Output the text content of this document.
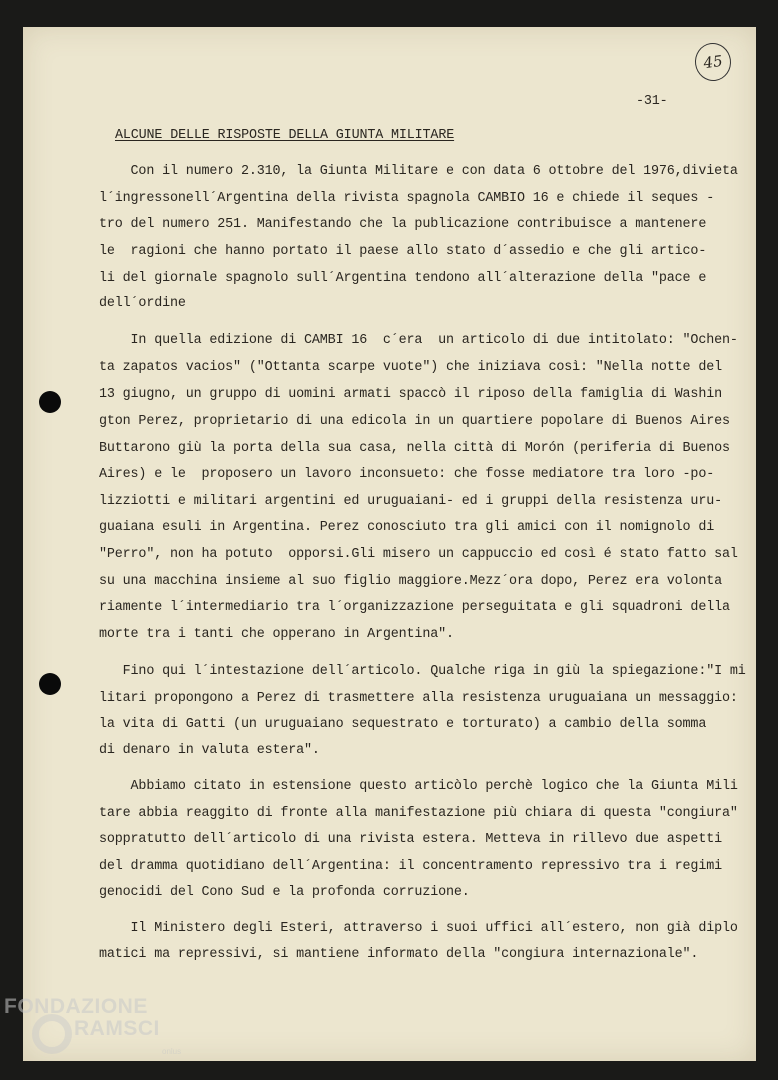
45
-31-
ALCUNE DELLE RISPOSTE DELLA GIUNTA MILITARE
Con il numero 2.310, la Giunta Militare e con data 6 ottobre del 1976,divieta
l´ingressonell´Argentina della rivista spagnola CAMBIO 16 e chiede il seques -
tro del numero 251. Manifestando che la publicazione contribuisce a mantenere
le  ragioni che hanno portato il paese allo stato d´assedio e che gli artico-
li del giornale spagnolo sull´Argentina tendono all´alterazione della "pace e
dell´ordine
In quella edizione di CAMBI 16  c´era  un articolo di due intitolato: "Ochen-
ta zapatos vacios" ("Ottanta scarpe vuote") che iniziava così: "Nella notte del
13 giugno, un gruppo di uomini armati spaccò il riposo della famiglia di Washin
gton Perez, proprietario di una edicola in un quartiere popolare di Buenos Aires
Buttarono giù la porta della sua casa, nella città di Morón (periferia di Buenos
Aires) e le  proposero un lavoro inconsueto: che fosse mediatore tra loro -po-
lizziotti e militari argentini ed uruguaiani- ed i gruppi della resistenza uru-
guaiana esuli in Argentina. Perez conosciuto tra gli amici con il nomignolo di
"Perro", non ha potuto  opporsi.Gli misero un cappuccio ed così é stato fatto sal
su una macchina insieme al suo figlio maggiore.Mezz´ora dopo, Perez era volonta
riamente l´intermediario tra l´organizzazione perseguitata e gli squadroni della
morte tra i tanti che opperano in Argentina".
Fino qui l´intestazione dell´articolo. Qualche riga in giù la spiegazione:"I mi
litari propongono a Perez di trasmettere alla resistenza uruguaiana un messaggio:
la vita di Gatti (un uruguaiano sequestrato e torturato) a cambio della somma
di denaro in valuta estera".
Abbiamo citato in estensione questo articòlo perchè logico che la Giunta Mili
tare abbia reaggito di fronte alla manifestazione più chiara di questa "congiura"
soppratutto dell´articolo di una rivista estera. Metteva in rillevo due aspetti
del dramma quotidiano dell´Argentina: il concentramento repressivo tra i regimi
genocidi del Cono Sud e la profonda corruzione.
Il Ministero degli Esteri, attraverso i suoi uffici all´estero, non già diplo
matici ma repressivi, si mantiene informato della "congiura internazionale".
FONDAZIONE
RAMSCI
onlus
